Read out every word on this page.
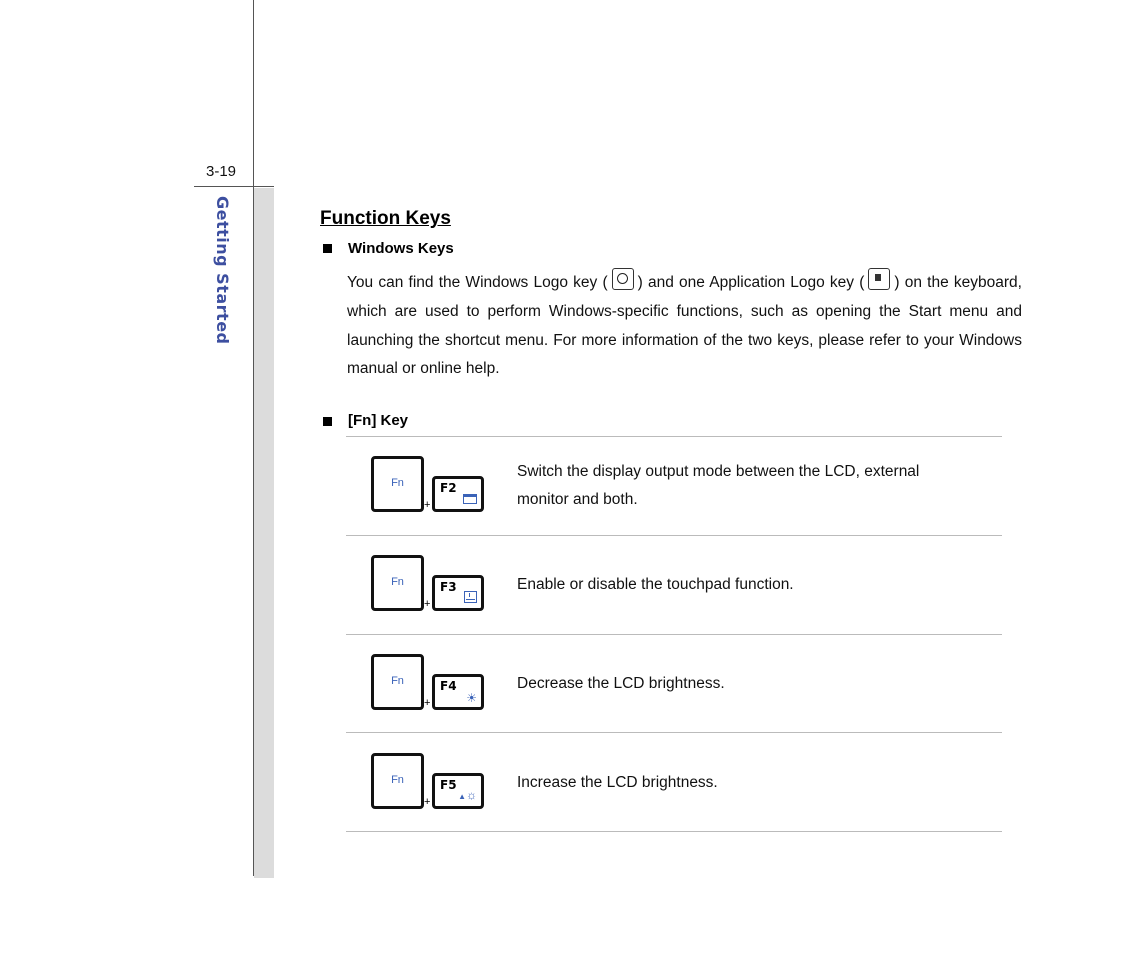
3-19
Getting Started	Function Keys
Windows Keys
You can find the Windows Logo key ( ) and one Application Logo key ( ) on the keyboard, which are used to perform Windows-specific functions, such as opening the Start menu and launching the shortcut menu. For more information of the two keys, please refer to your Windows manual or online help.
[Fn] Key
Fn
+
F2
Switch the display output mode between the LCD, external monitor and both.
Fn
+
F3	Enable or disable the touchpad function.
Fn
+
F4
☀
Decrease the LCD brightness.
Fn
+
F5
▲☼
Increase the LCD brightness.
